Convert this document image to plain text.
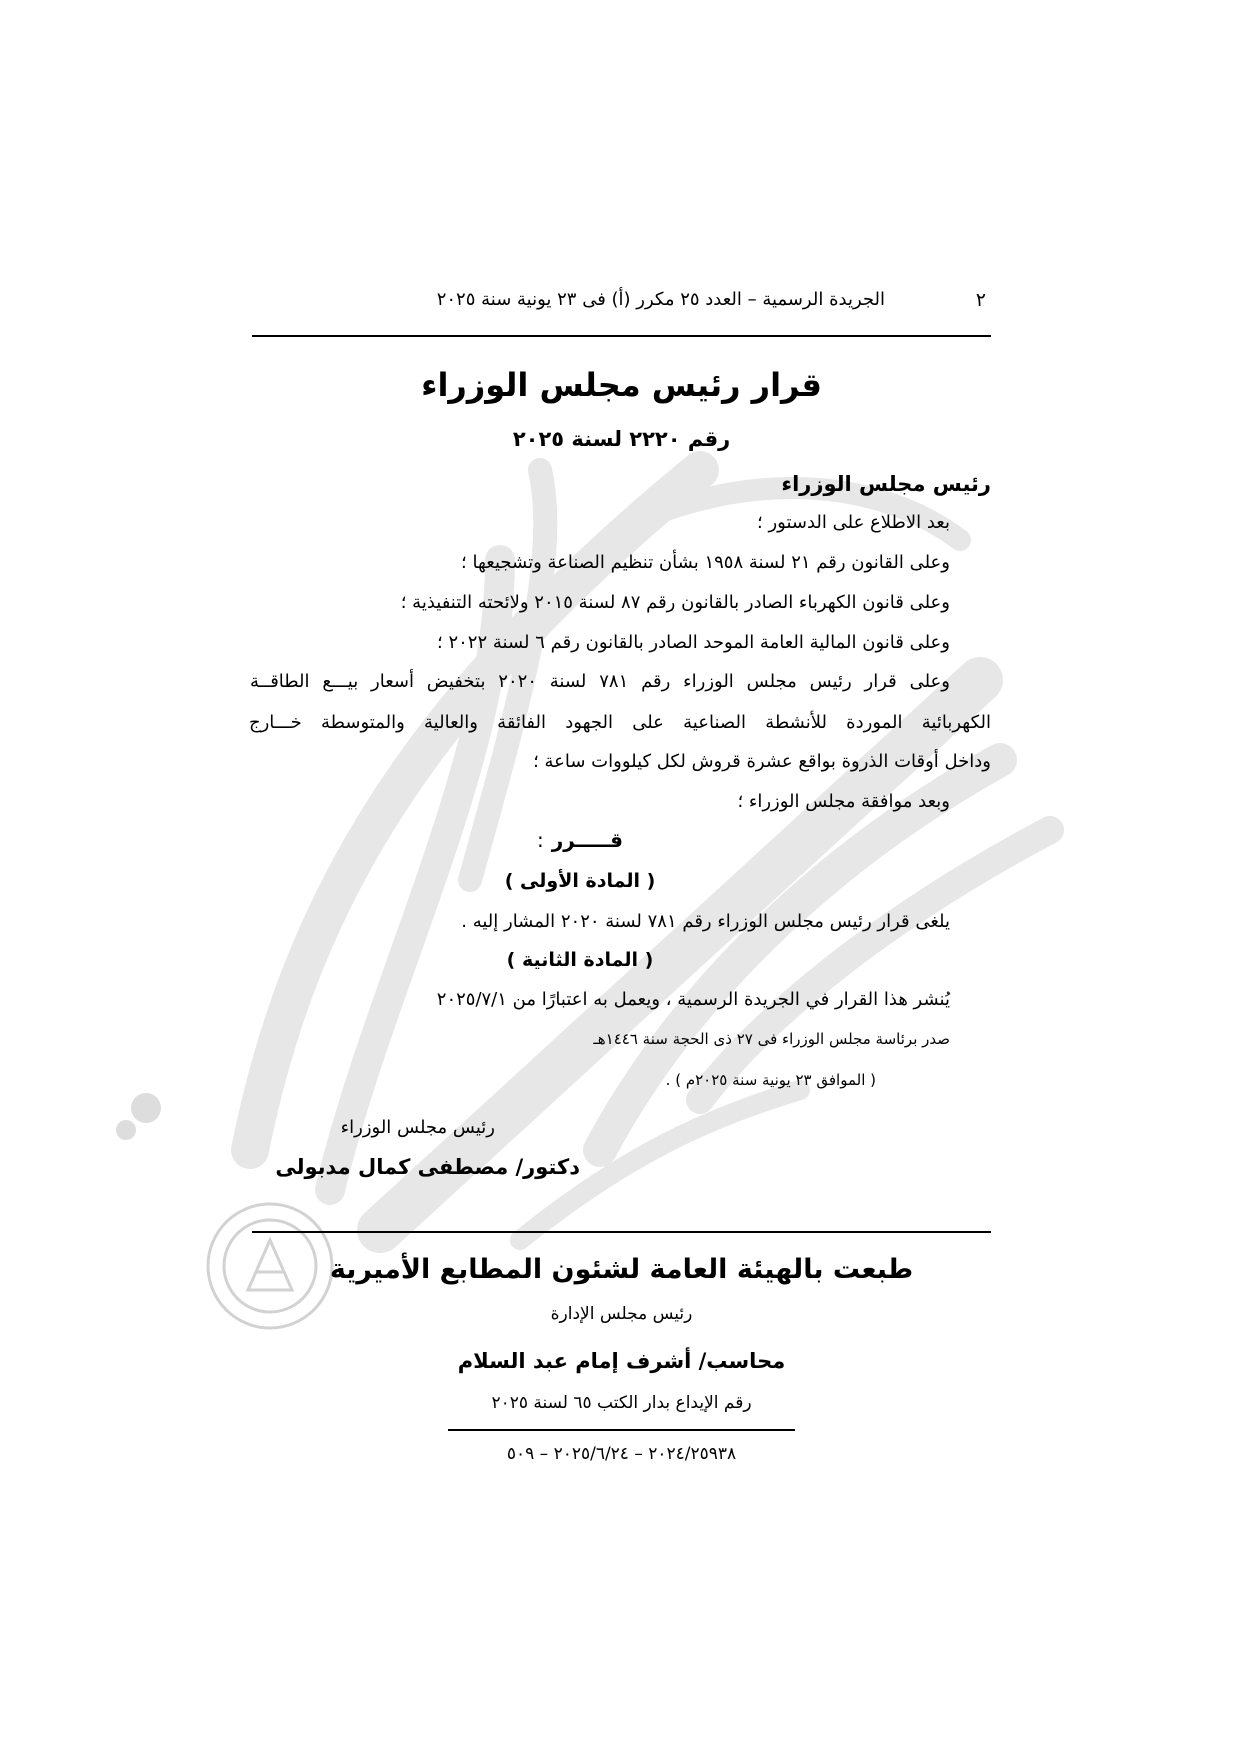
٢
الجريدة الرسمية – العدد ٢٥ مكرر (أ) فى ٢٣ يونية سنة ٢٠٢٥
قرار رئيس مجلس الوزراء
رقم ٢٢٢٠ لسنة ٢٠٢٥
رئيس مجلس الوزراء
بعد الاطلاع على الدستور ؛
وعلى القانون رقم ٢١ لسنة ١٩٥٨ بشأن تنظيم الصناعة وتشجيعها ؛
وعلى قانون الكهرباء الصادر بالقانون رقم ٨٧ لسنة ٢٠١٥ ولائحته التنفيذية ؛
وعلى قانون المالية العامة الموحد الصادر بالقانون رقم ٦ لسنة ٢٠٢٢ ؛
وعلى قرار رئيس مجلس الوزراء رقم ٧٨١ لسنة ٢٠٢٠ بتخفيض أسعار بيـــع الطاقــة
الكهربائية الموردة للأنشطة الصناعية على الجهود الفائقة والعالية والمتوسطة خـــارج
وداخل أوقات الذروة بواقع عشرة قروش لكل كيلووات ساعة ؛
وبعد موافقة مجلس الوزراء ؛
قـــــرر:
( المادة الأولى )
يلغى قرار رئيس مجلس الوزراء رقم ٧٨١ لسنة ٢٠٢٠ المشار إليه .
( المادة الثانية )
يُنشر هذا القرار في الجريدة الرسمية ، ويعمل به اعتبارًا من ٢٠٢٥/٧/١
صدر برئاسة مجلس الوزراء فى ٢٧ ذى الحجة سنة ١٤٤٦هـ
( الموافق ٢٣ يونية سنة ٢٠٢٥م ) .
رئيس مجلس الوزراء
دكتور/ مصطفى كمال مدبولى
طبعت بالهيئة العامة لشئون المطابع الأميرية
رئيس مجلس الإدارة
محاسب/ أشرف إمام عبد السلام
رقم الإيداع بدار الكتب ٦٥ لسنة ٢٠٢٥
٢٠٢٤/٢٥٩٣٨ – ٢٠٢٥/٦/٢٤ – ٥٠٩
